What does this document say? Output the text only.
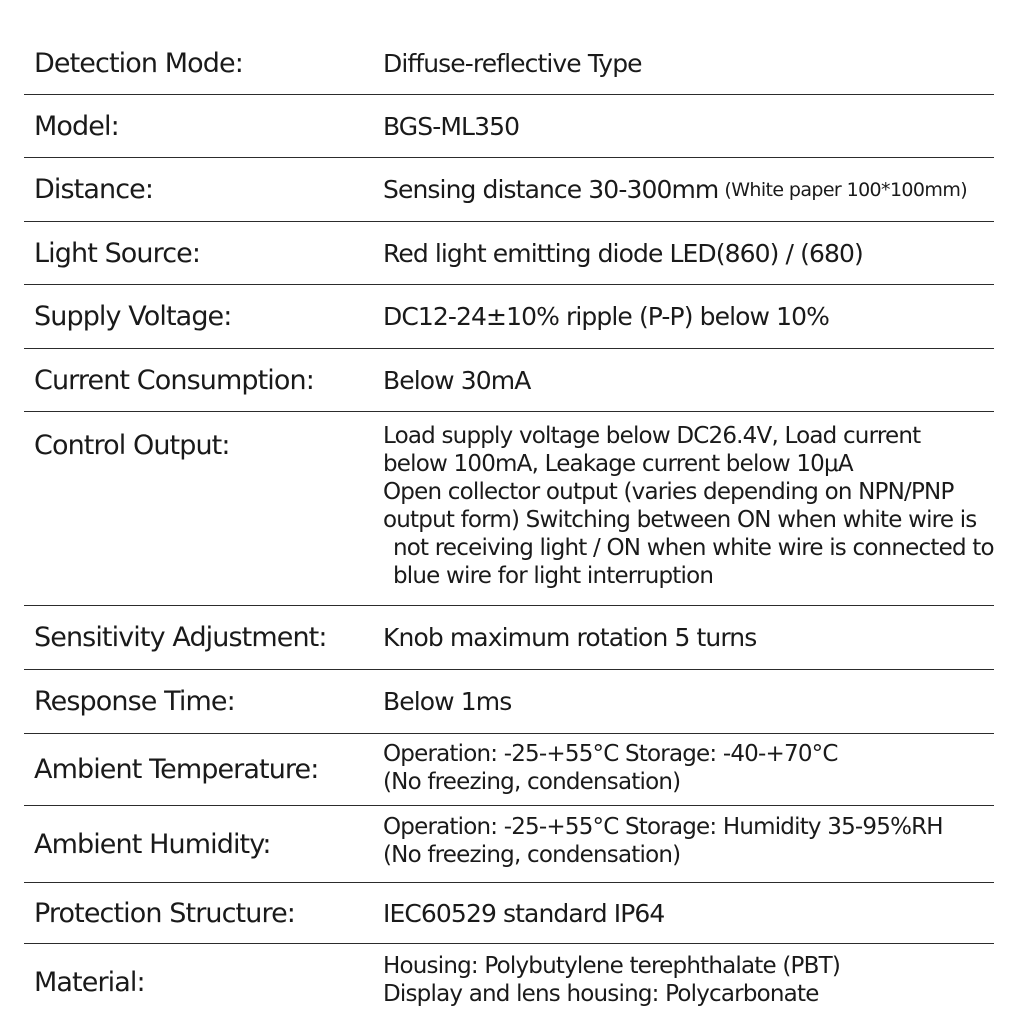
Detection Mode:	Diffuse-reflective Type
Model:	BGS-ML350
Distance:	Sensing distance 30-300mm (White paper 100*100mm)
Light Source:	Red light emitting diode LED(860) / (680)
Supply Voltage:	DC12-24±10% ripple (P-P) below 10%
Current Consumption:	Below 30mA
Control Output:	Load supply voltage below DC26.4V, Load current
below 100mA, Leakage current below 10μA
Open collector output (varies depending on NPN/PNP
output form) Switching between ON when white wire is
not receiving light / ON when white wire is connected to
blue wire for light interruption
Sensitivity Adjustment: Knob maximum rotation 5 turns
Response Time:	Below 1ms
Ambient Temperature:	Operation: -25-+55°C Storage: -40-+70°C
(No freezing, condensation)
Ambient Humidity:
Operation: -25-+55°C Storage: Humidity 35-95%RH
(No freezing, condensation)
Protection Structure:	IEC60529 standard IP64
Material:
Housing: Polybutylene terephthalate (PBT)
Display and lens housing: Polycarbonate
